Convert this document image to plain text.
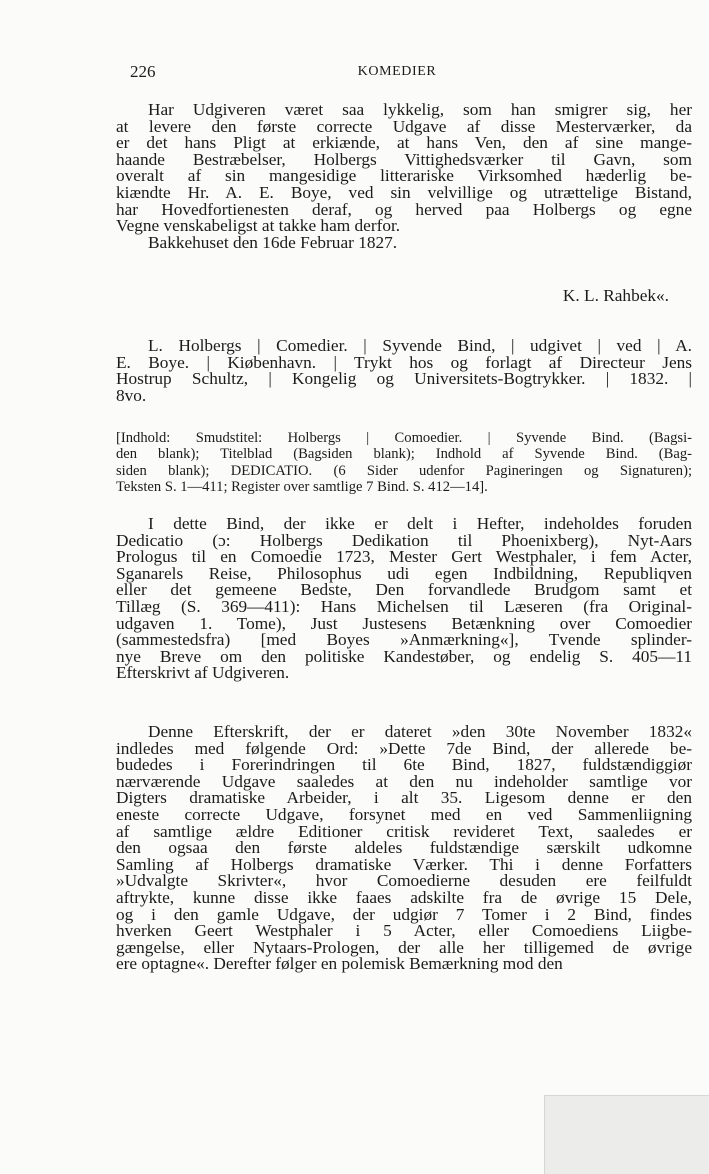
226	KOMEDIER
Har Udgiveren været saa lykkelig, som han smigrer sig, her
at levere den første correcte Udgave af disse Mesterværker, da
er det hans Pligt at erkiænde, at hans Ven, den af sine mange-
haande Bestræbelser, Holbergs Vittighedsværker til Gavn, som
overalt af sin mangesidige litterariske Virksomhed hæderlig be-
kiændte Hr. A. E. Boye, ved sin velvillige og utrættelige Bistand,
har Hovedfortienesten deraf, og herved paa Holbergs og egne
Vegne venskabeligst at takke ham derfor.
Bakkehuset den 16de Februar 1827.
K. L. Rahbek«.
L. Holbergs | Comedier. | Syvende Bind, | udgivet | ved | A.
E. Boye. | Kiøbenhavn. | Trykt hos og forlagt af Directeur Jens
Hostrup Schultz, | Kongelig og Universitets-Bogtrykker. | 1832. |
8vo.
[Indhold: Smudstitel: Holbergs | Comoedier. | Syvende Bind. (Bagsi-
den blank); Titelblad (Bagsiden blank); Indhold af Syvende Bind. (Bag-
siden blank); DEDICATIO. (6 Sider udenfor Pagineringen og Signaturen);
Teksten S. 1—411; Register over samtlige 7 Bind. S. 412—14].
I dette Bind, der ikke er delt i Hefter, indeholdes foruden
Dedicatio (ɔ: Holbergs Dedikation til Phoenixberg), Nyt-Aars
Prologus til en Comoedie 1723, Mester Gert Westphaler, i fem Acter,
Sganarels Reise, Philosophus udi egen Indbildning, Republiqven
eller det gemeene Bedste, Den forvandlede Brudgom samt et
Tillæg (S. 369—411): Hans Michelsen til Læseren (fra Original-
udgaven 1. Tome), Just Justesens Betænkning over Comoedier
(sammestedsfra) [med Boyes »Anmærkning«], Tvende splinder-
nye Breve om den politiske Kandestøber, og endelig S. 405—11
Efterskrivt af Udgiveren.
Denne Efterskrift, der er dateret »den 30te November 1832«
indledes med følgende Ord: »Dette 7de Bind, der allerede be-
budedes i Forerindringen til 6te Bind, 1827, fuldstændiggiør
nærværende Udgave saaledes at den nu indeholder samtlige vor
Digters dramatiske Arbeider, i alt 35. Ligesom denne er den
eneste correcte Udgave, forsynet med en ved Sammenliigning
af samtlige ældre Editioner critisk revideret Text, saaledes er
den ogsaa den første aldeles fuldstændige særskilt udkomne
Samling af Holbergs dramatiske Værker. Thi i denne Forfatters
»Udvalgte Skrivter«, hvor Comoedierne desuden ere feilfuldt
aftrykte, kunne disse ikke faaes adskilte fra de øvrige 15 Dele,
og i den gamle Udgave, der udgiør 7 Tomer i 2 Bind, findes
hverken Geert Westphaler i 5 Acter, eller Comoediens Liigbe-
gængelse, eller Nytaars-Prologen, der alle her tilligemed de øvrige
ere optagne«. Derefter følger en polemisk Bemærkning mod den
